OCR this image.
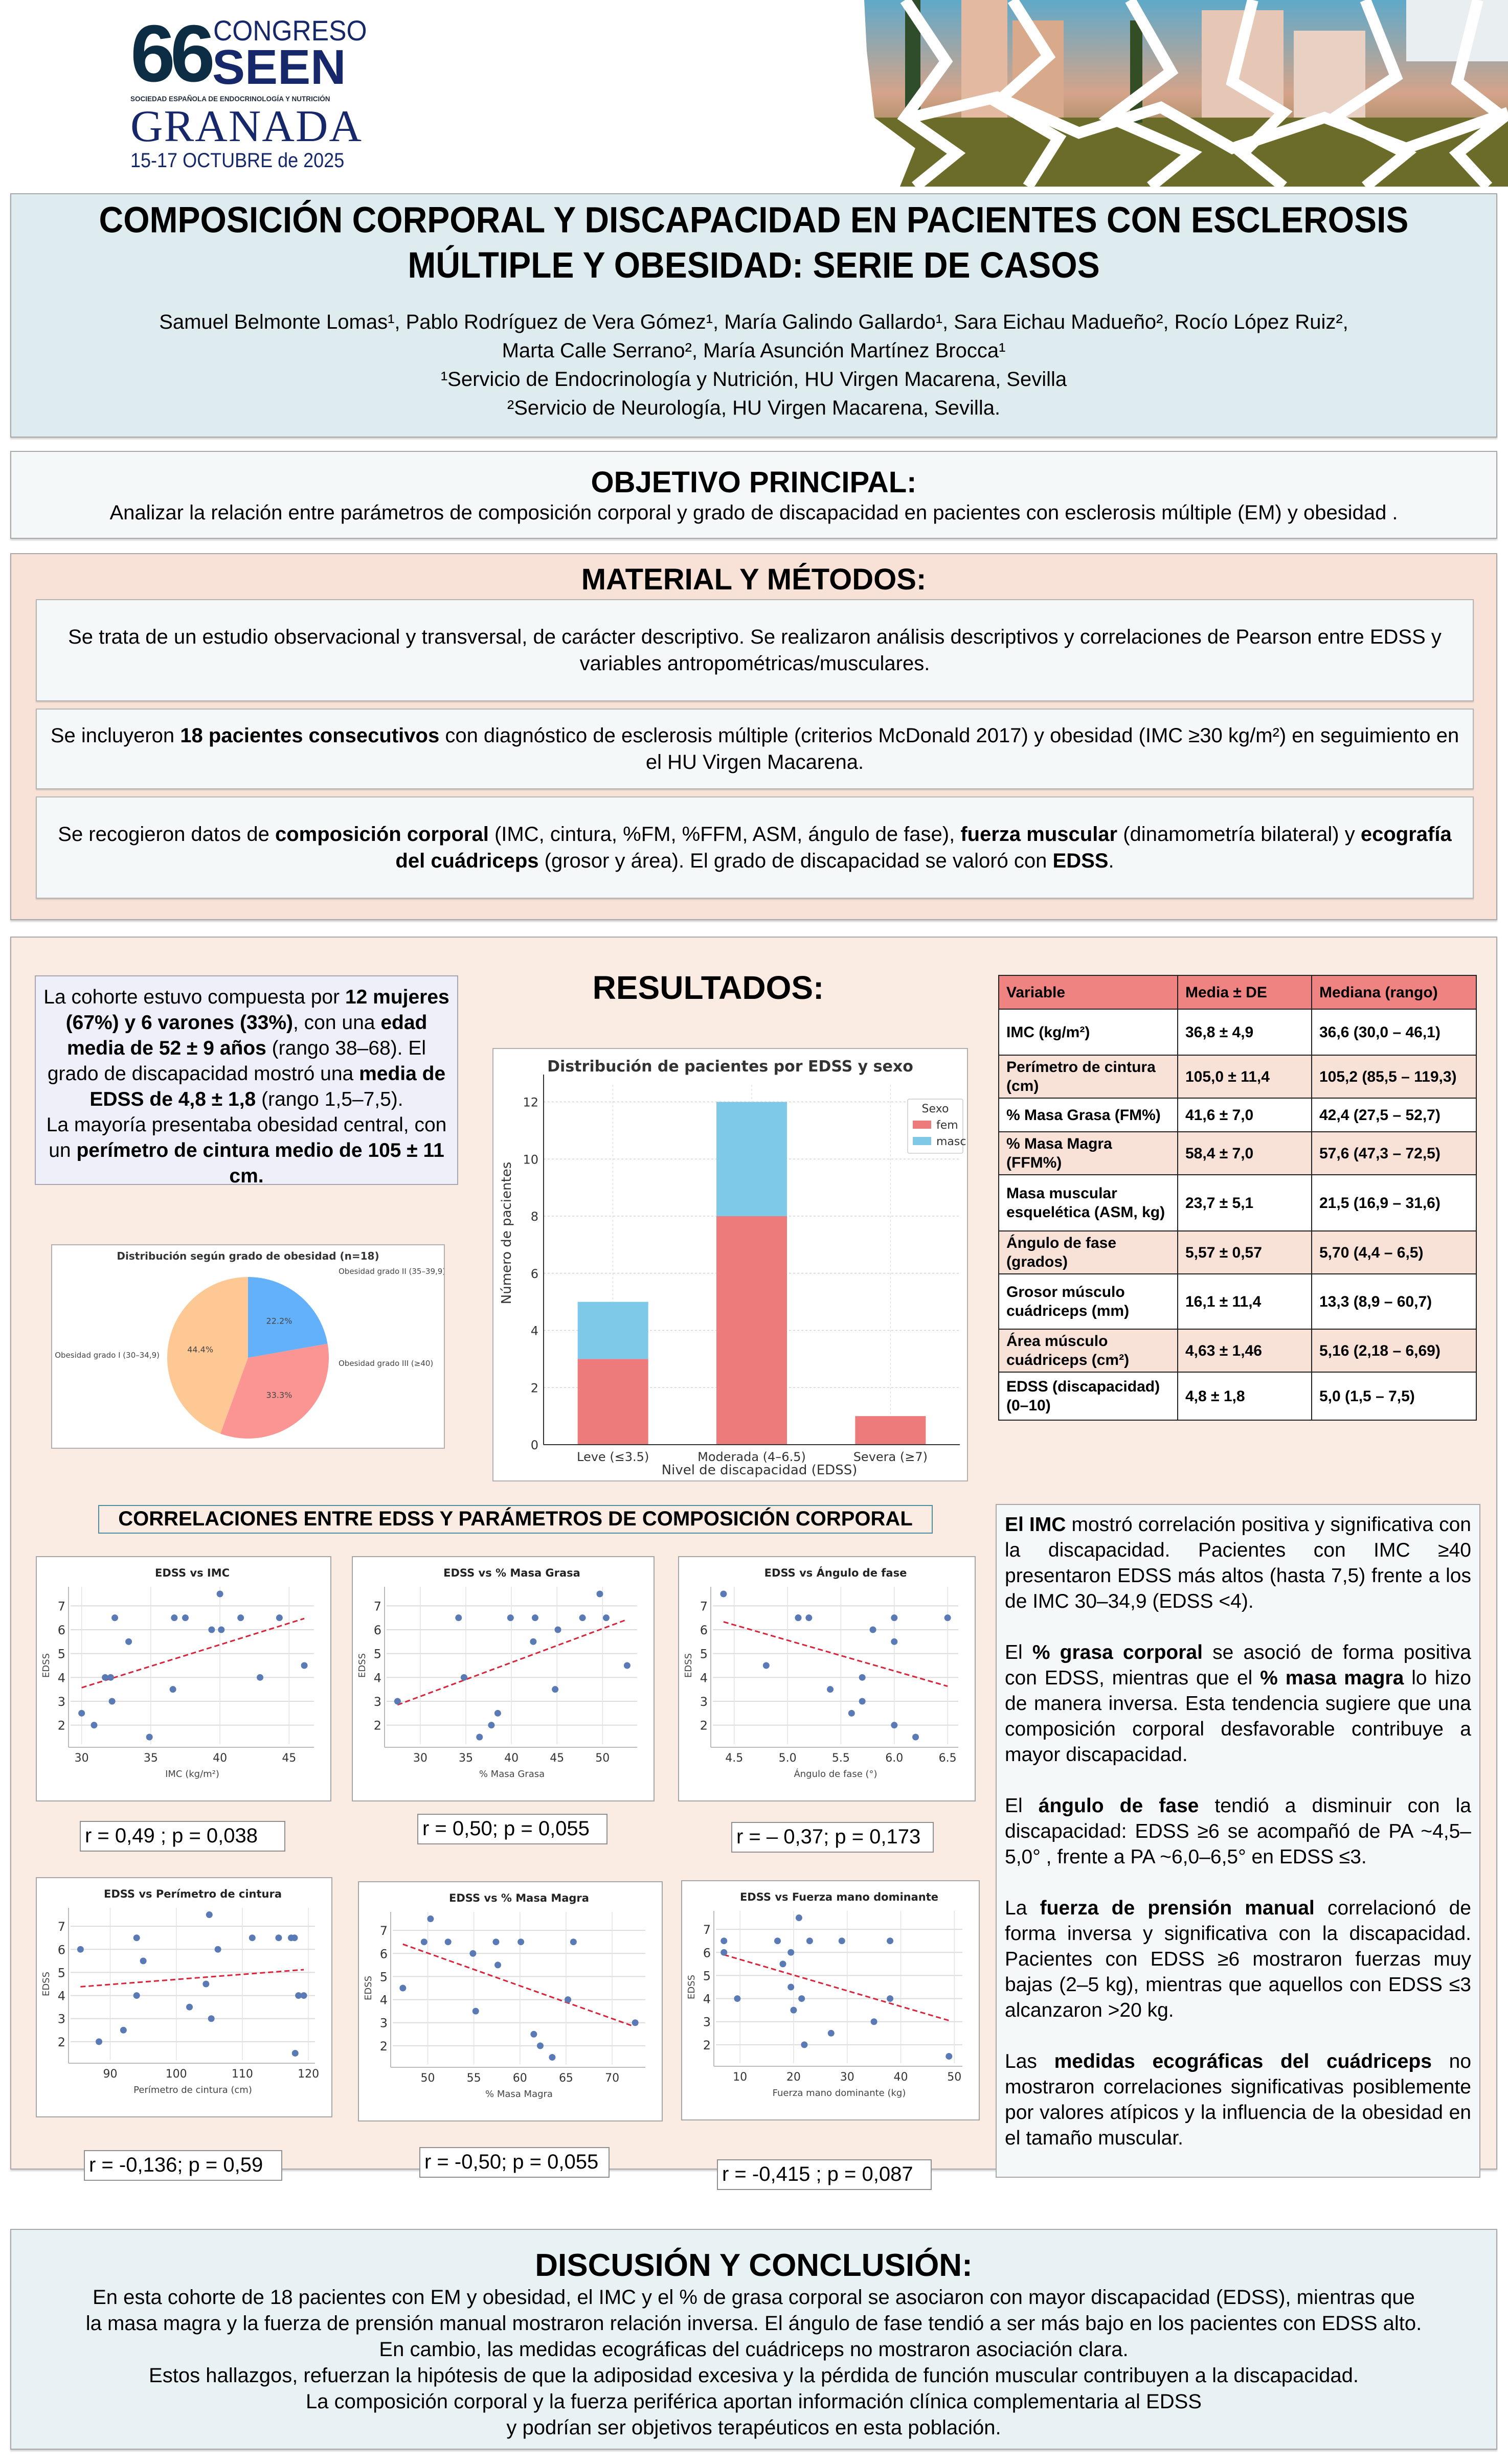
66 CONGRESO
SEEN
SOCIEDAD ESPAÑOLA DE ENDOCRINOLOGÍA Y NUTRICIÓN
GRANADA
15-17 OCTUBRE de 2025
COMPOSICIÓN CORPORAL Y DISCAPACIDAD EN PACIENTES CON ESCLEROSIS
MÚLTIPLE Y OBESIDAD: SERIE DE CASOS
Samuel Belmonte Lomas¹, Pablo Rodríguez de Vera Gómez¹, María Galindo Gallardo¹, Sara Eichau Madueño², Rocío López Ruiz²,
Marta Calle Serrano², María Asunción Martínez Brocca¹
¹Servicio de Endocrinología y Nutrición, HU Virgen Macarena, Sevilla
²Servicio de Neurología, HU Virgen Macarena, Sevilla.
OBJETIVO PRINCIPAL:
Analizar la relación entre parámetros de composición corporal y grado de discapacidad en pacientes con esclerosis múltiple (EM) y obesidad .
MATERIAL Y MÉTODOS:
Se trata de un estudio observacional y transversal, de carácter descriptivo. Se realizaron análisis descriptivos y correlaciones de Pearson entre EDSS y variables antropométricas/musculares.
Se incluyeron 18 pacientes consecutivos con diagnóstico de esclerosis múltiple (criterios McDonald 2017) y obesidad (IMC ≥30 kg/m²) en seguimiento en el HU Virgen Macarena.
Se recogieron datos de composición corporal (IMC, cintura, %FM, %FFM, ASM, ángulo de fase), fuerza muscular (dinamometría bilateral) y ecografía del cuádriceps (grosor y área). El grado de discapacidad se valoró con EDSS.
La cohorte estuvo compuesta por 12 mujeres (67%) y 6 varones (33%), con una edad media de 52 ± 9 años (rango 38–68). El grado de discapacidad mostró una media de EDSS de 4,8 ± 1,8 (rango 1,5–7,5).
La mayoría presentaba obesidad central, con un perímetro de cintura medio de 105 ± 11 cm.
Distribución según grado de obesidad (n=18)
22.2%
Obesidad grado II (35–39,9)
33.3%
Obesidad grado III (≥40)
44.4%
Obesidad grado I (30–34,9)
RESULTADOS:
Distribución de pacientes por EDSS y sexo
0
2
4
6
8
10
12
Leve (≤3.5)	Moderada (4–6.5)	Severa (≥7)
Número de pacientes
Nivel de discapacidad (EDSS)
Sexo
fem
masc
Variable	Media ± DE	Mediana (rango)
IMC (kg/m²)	36,8 ± 4,9	36,6 (30,0 – 46,1)
Perímetro de cintura (cm)	105,0 ± 11,4	105,2 (85,5 – 119,3)
% Masa Grasa (FM%)	41,6 ± 7,0	42,4 (27,5 – 52,7)
% Masa Magra (FFM%)	58,4 ± 7,0	57,6 (47,3 – 72,5)
Masa muscular esquelética (ASM, kg)	23,7 ± 5,1	21,5 (16,9 – 31,6)
Ángulo de fase (grados)	5,57 ± 0,57	5,70 (4,4 – 6,5)
Grosor músculo cuádriceps (mm)	16,1 ± 11,4	13,3 (8,9 – 60,7)
Área músculo cuádriceps (cm²)	4,63 ± 1,46	5,16 (2,18 – 6,69)
EDSS (discapacidad) (0–10)	4,8 ± 1,8	5,0 (1,5 – 7,5)
CORRELACIONES ENTRE EDSS Y PARÁMETROS DE COMPOSICIÓN CORPORAL
EDSS vs IMC
2
3
4
5
6
7
30	35	40	45
IMC (kg/m²)
EDSS
EDSS vs % Masa Grasa
2
3
4
5
6
7
30	35	40	45	50
% Masa Grasa
EDSS
EDSS vs Ángulo de fase
2
3
4
5
6
7
4.5	5.0	5.5	6.0	6.5
Ángulo de fase (°)
EDSS
EDSS vs Perímetro de cintura
2
3
4
5
6
7
90	100	110	120
Perímetro de cintura (cm)
EDSS
EDSS vs % Masa Magra
2
3
4
5
6
7
50	55	60	65	70
% Masa Magra
EDSS
EDSS vs Fuerza mano dominante
2
3
4
5
6
7
10	20	30	40	50
Fuerza mano dominante (kg)
EDSS
r = 0,49 ; p = 0,038	r = 0,50; p = 0,055	r = – 0,37; p = 0,173
r = -0,136; p = 0,59	r = -0,50; p = 0,055
r = -0,415 ; p = 0,087

El IMC mostró correlación positiva y significativa con la discapacidad. Pacientes con IMC ≥40 presentaron EDSS más altos (hasta 7,5) frente a los de IMC 30–34,9 (EDSS <4).

El % grasa corporal se asoció de forma positiva con EDSS, mientras que el % masa magra lo hizo de manera inversa. Esta tendencia sugiere que una composición corporal desfavorable contribuye a mayor discapacidad.

El ángulo de fase tendió a disminuir con la discapacidad: EDSS ≥6 se acompañó de PA ~4,5–5,0° , frente a PA ~6,0–6,5° en EDSS ≤3.

La fuerza de prensión manual correlacionó de forma inversa y significativa con la discapacidad. Pacientes con EDSS ≥6 mostraron fuerzas muy bajas (2–5 kg), mientras que aquellos con EDSS ≤3 alcanzaron >20 kg.

Las medidas ecográficas del cuádriceps no mostraron correlaciones significativas posiblemente por valores atípicos y la influencia de la obesidad en el tamaño muscular.

DISCUSIÓN Y CONCLUSIÓN:
En esta cohorte de 18 pacientes con EM y obesidad, el IMC y el % de grasa corporal se asociaron con mayor discapacidad (EDSS), mientras que
la masa magra y la fuerza de prensión manual mostraron relación inversa. El ángulo de fase tendió a ser más bajo en los pacientes con EDSS alto.
En cambio, las medidas ecográficas del cuádriceps no mostraron asociación clara.
Estos hallazgos, refuerzan la hipótesis de que la adiposidad excesiva y la pérdida de función muscular contribuyen a la discapacidad.
La composición corporal y la fuerza periférica aportan información clínica complementaria al EDSS
y podrían ser objetivos terapéuticos en esta población.
